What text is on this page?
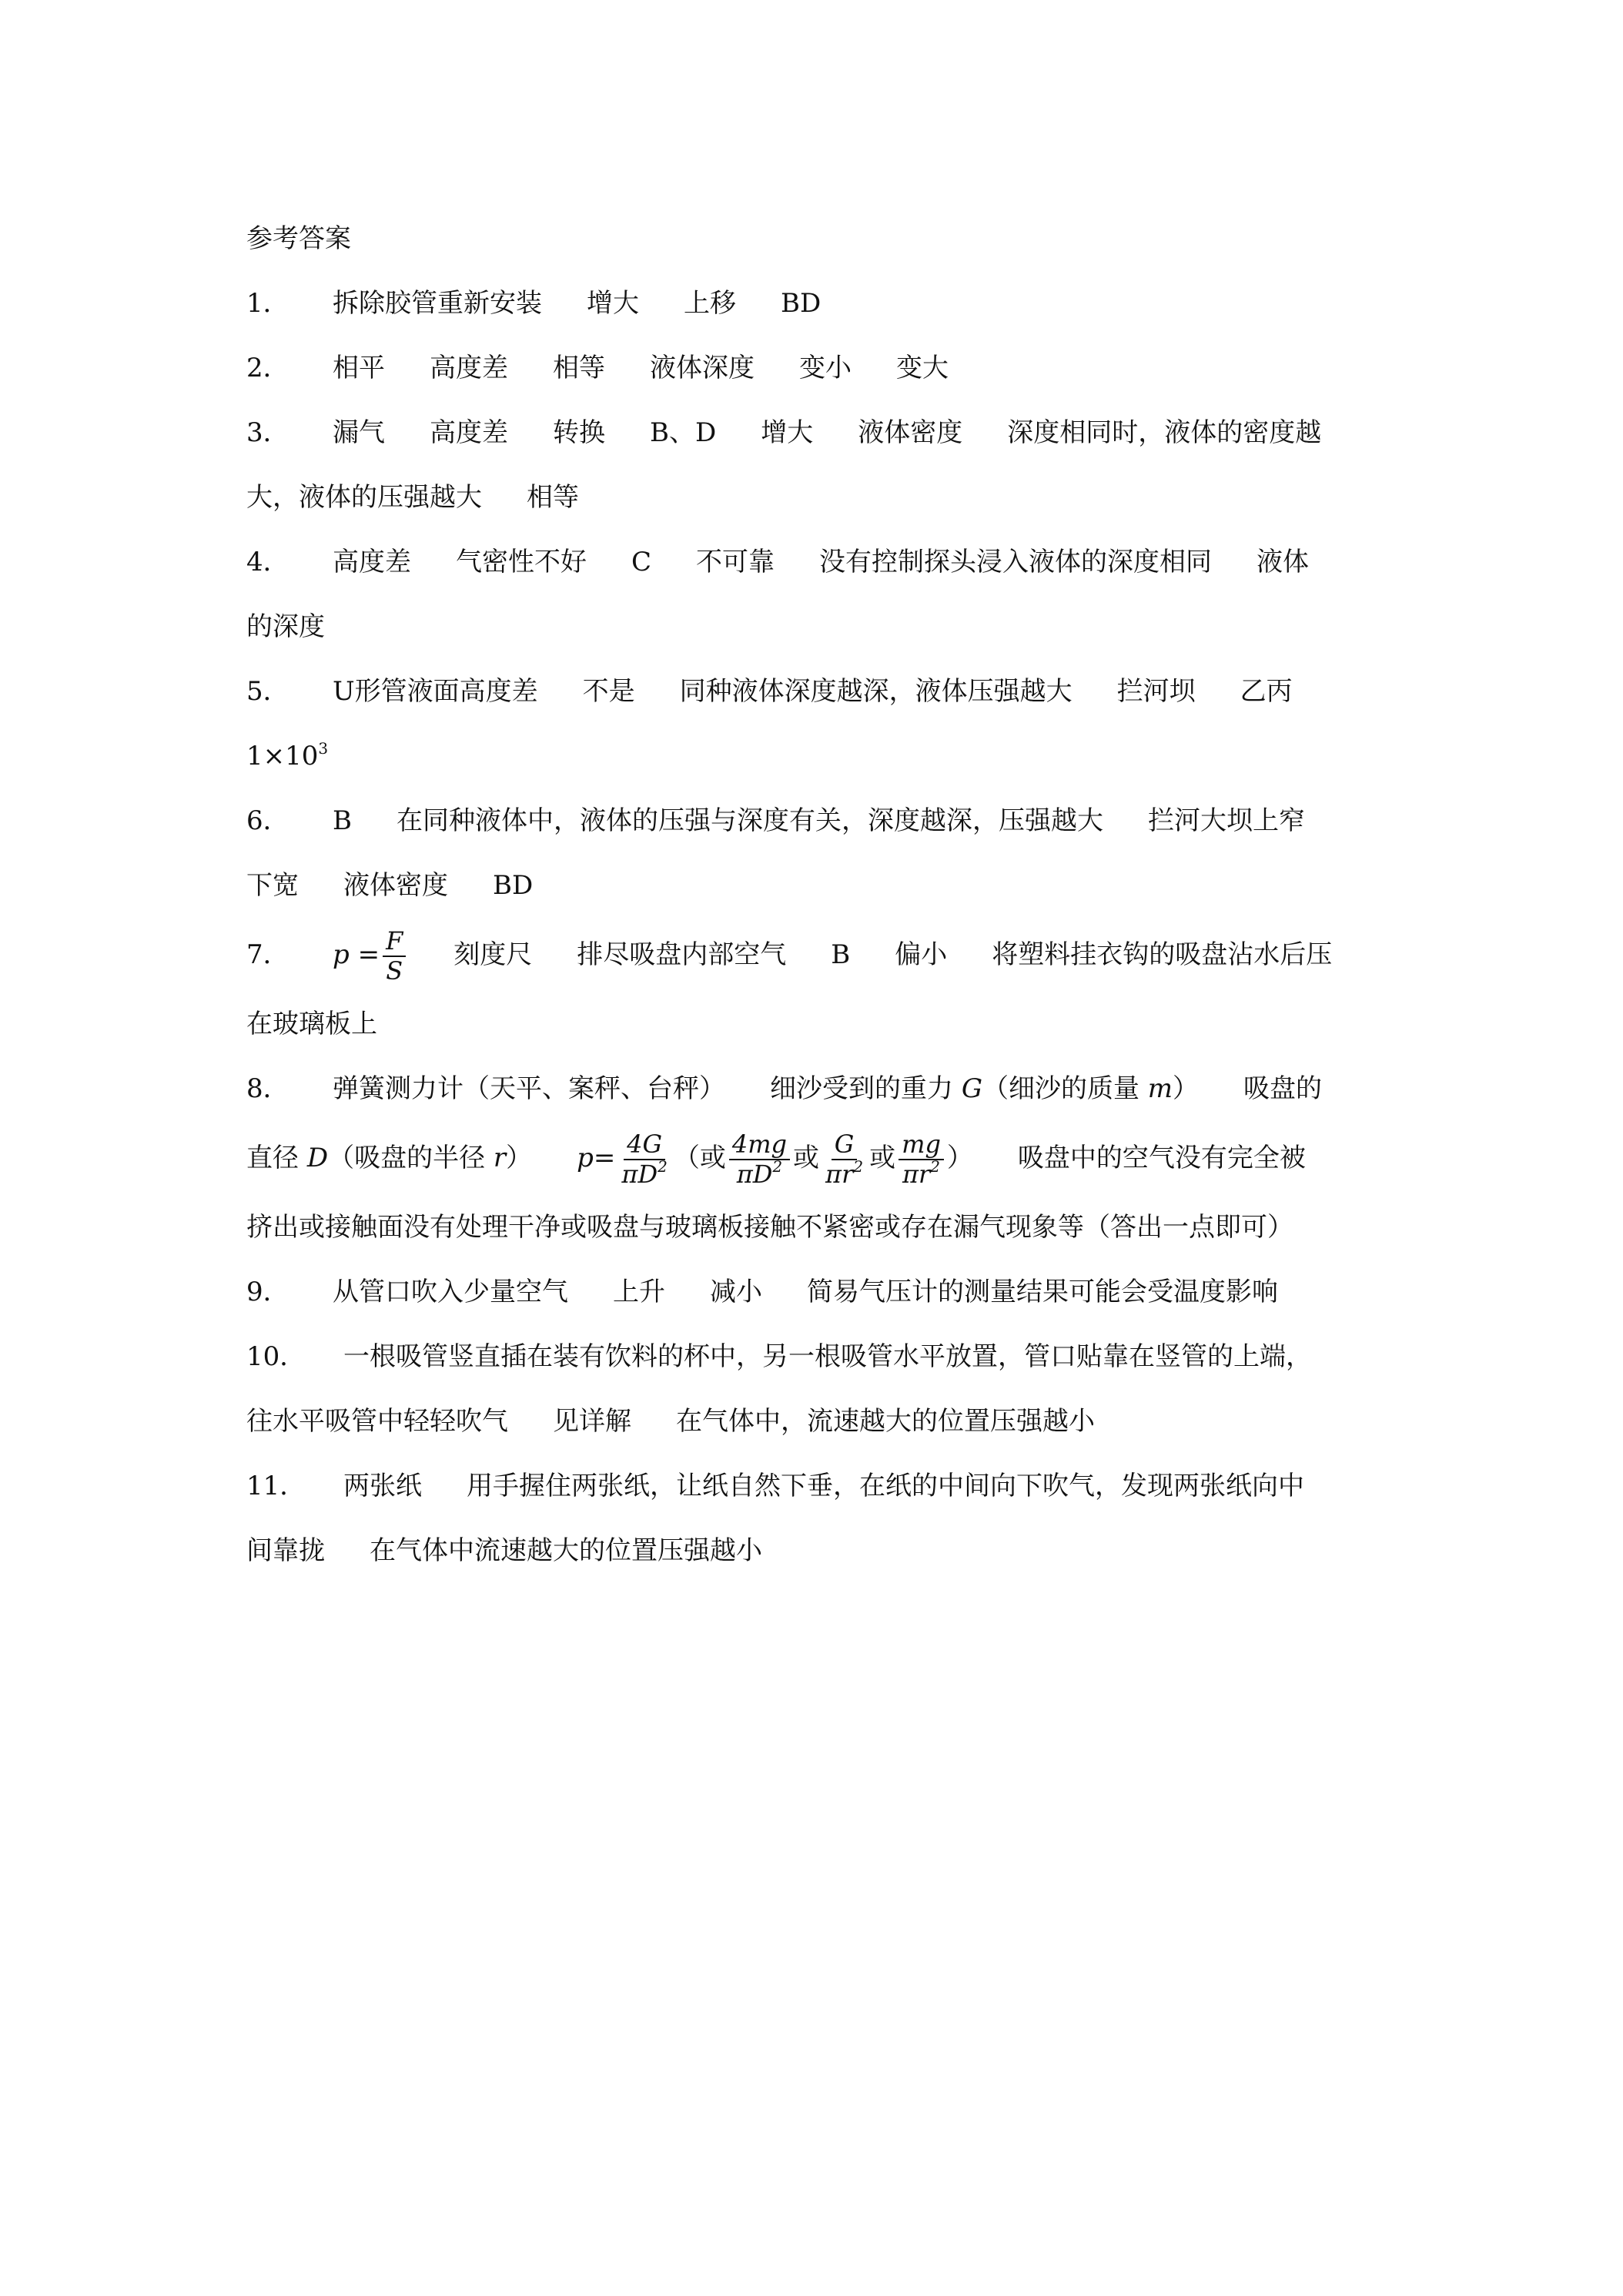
参考答案
1． 拆除胶管重新安装 增大 上移 BD
2． 相平 高度差 相等 液体深度 变小 变大
3． 漏气 高度差 转换 B、D 增大 液体密度 深度相同时，液体的密度越
大，液体的压强越大 相等
4． 高度差 气密性不好 C 不可靠 没有控制探头浸入液体的深度相同 液体
的深度
5． U形管液面高度差 不是 同种液体深度越深，液体压强越大 拦河坝 乙丙
$1\times 10^3$
6． B 在同种液体中，液体的压强与深度有关，深度越深，压强越大 拦河大坝上窄
下宽 液体密度 BD
7． $p = \frac{F}{S}$ 刻度尺 排尽吸盘内部空气 B 偏小 将塑料挂衣钩的吸盘沾水后压
在玻璃板上
8． 弹簧测力计（天平、案秤、台秤） 细沙受到的重力 G（细沙的质量 m） 吸盘的
直径 D（吸盘的半径 r） $p= \frac{4G}{\pi D^2}$ （或 $\frac{4mg}{\pi D^2}$ 或 $\frac{G}{\pi r^2}$ 或 $\frac{mg}{\pi r^2}$ ） 吸盘中的空气没有完全被
挤出或接触面没有处理干净或吸盘与玻璃板接触不紧密或存在漏气现象等（答出一点即可）
9． 从管口吹入少量空气 上升 减小 简易气压计的测量结果可能会受温度影响
10． 一根吸管竖直插在装有饮料的杯中，另一根吸管水平放置，管口贴靠在竖管的上端，
往水平吸管中轻轻吹气 见详解 在气体中，流速越大的位置压强越小
11． 两张纸 用手握住两张纸，让纸自然下垂，在纸的中间向下吹气，发现两张纸向中
间靠拢 在气体中流速越大的位置压强越小
